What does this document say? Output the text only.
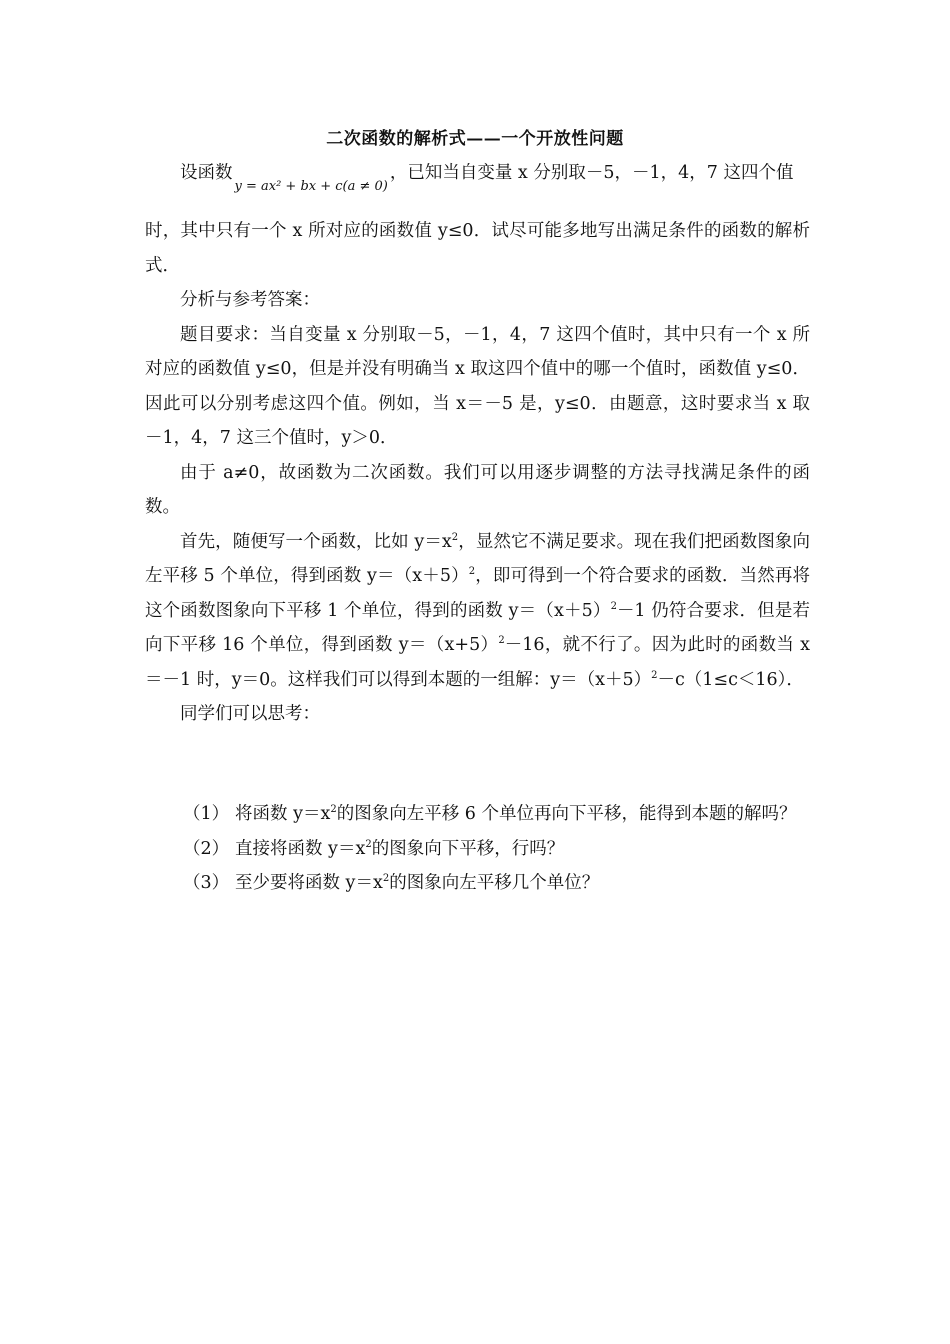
二次函数的解析式——一个开放性问题
设函数y = ax² + bx + c(a ≠ 0)，已知当自变量 x 分别取－5，－1，4，7 这四个值

时，其中只有一个 x 所对应的函数值 y≤0．试尽可能多地写出满足条件的函数的解析式．

分析与参考答案：

题目要求：当自变量 x 分别取－5，－1，4，7 这四个值时，其中只有一个 x 所对应的函数值 y≤0，但是并没有明确当 x 取这四个值中的哪一个值时，函数值 y≤0．因此可以分别考虑这四个值。例如，当 x＝－5 是，y≤0．由题意，这时要求当 x 取－1，4，7 这三个值时，y＞0．

由于 a≠0，故函数为二次函数。我们可以用逐步调整的方法寻找满足条件的函数。

首先，随便写一个函数，比如 $y=x^2$，显然它不满足要求。现在我们把函数图象向左平移 5 个单位，得到函数 $y=(x+5)^2$，即可得到一个符合要求的函数．当然再将这个函数图象向下平移 1 个单位，得到的函数 $y=(x+5)^2-1$ 仍符合要求．但是若向下平移 16 个单位，得到函数 $y=(x+5)^2-16$，就不行了。因为此时的函数当 x＝－1 时，y＝0。这样我们可以得到本题的一组解：$y=(x+5)^2-c(1\le c<16)$．

同学们可以思考：

（1） 将函数 $y=x^2$的图象向左平移 6 个单位再向下平移，能得到本题的解吗？
（2） 直接将函数 $y=x^2$的图象向下平移，行吗？
（3） 至少要将函数 $y=x^2$的图象向左平移几个单位？
